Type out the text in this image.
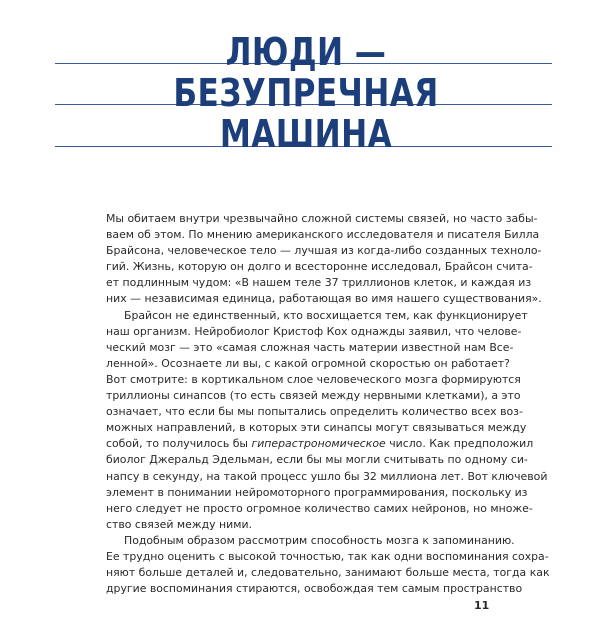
ЛЮДИ —
БЕЗУПРЕЧНАЯ
МАШИНА
Мы обитаем внутри чрезвычайно сложной системы связей, но часто забы-
ваем об этом. По мнению американского исследователя и писателя Билла
Брайсона, человеческое тело — лучшая из когда-либо созданных техноло-
гий. Жизнь, которую он долго и всесторонне исследовал, Брайсон счита-
ет подлинным чудом: «В нашем теле 37 триллионов клеток, и каждая из
них — независимая единица, работающая во имя нашего существования».
Брайсон не единственный, кто восхищается тем, как функционирует
наш организм. Нейробиолог Кристоф Кох однажды заявил, что челове-
ческий мозг — это «самая сложная часть материи известной нам Все-
ленной». Осознаете ли вы, с какой огромной скоростью он работает?
Вот смотрите: в кортикальном слое человеческого мозга формируются
триллионы синапсов (то есть связей между нервными клетками), а это
означает, что если бы мы попытались определить количество всех воз-
можных направлений, в которых эти синапсы могут связываться между
собой, то получилось бы гиперастрономическое число. Как предположил
биолог Джеральд Эдельман, если бы мы могли считывать по одному си-
напсу в секунду, на такой процесс ушло бы 32 миллиона лет. Вот ключевой
элемент в понимании нейромоторного программирования, поскольку из
него следует не просто огромное количество самих нейронов, но множе-
ство связей между ними.
Подобным образом рассмотрим способность мозга к запоминанию.
Ее трудно оценить с высокой точностью, так как одни воспоминания сохра-
няют больше деталей и, следовательно, занимают больше места, тогда как
другие воспоминания стираются, освобождая тем самым пространство
11
